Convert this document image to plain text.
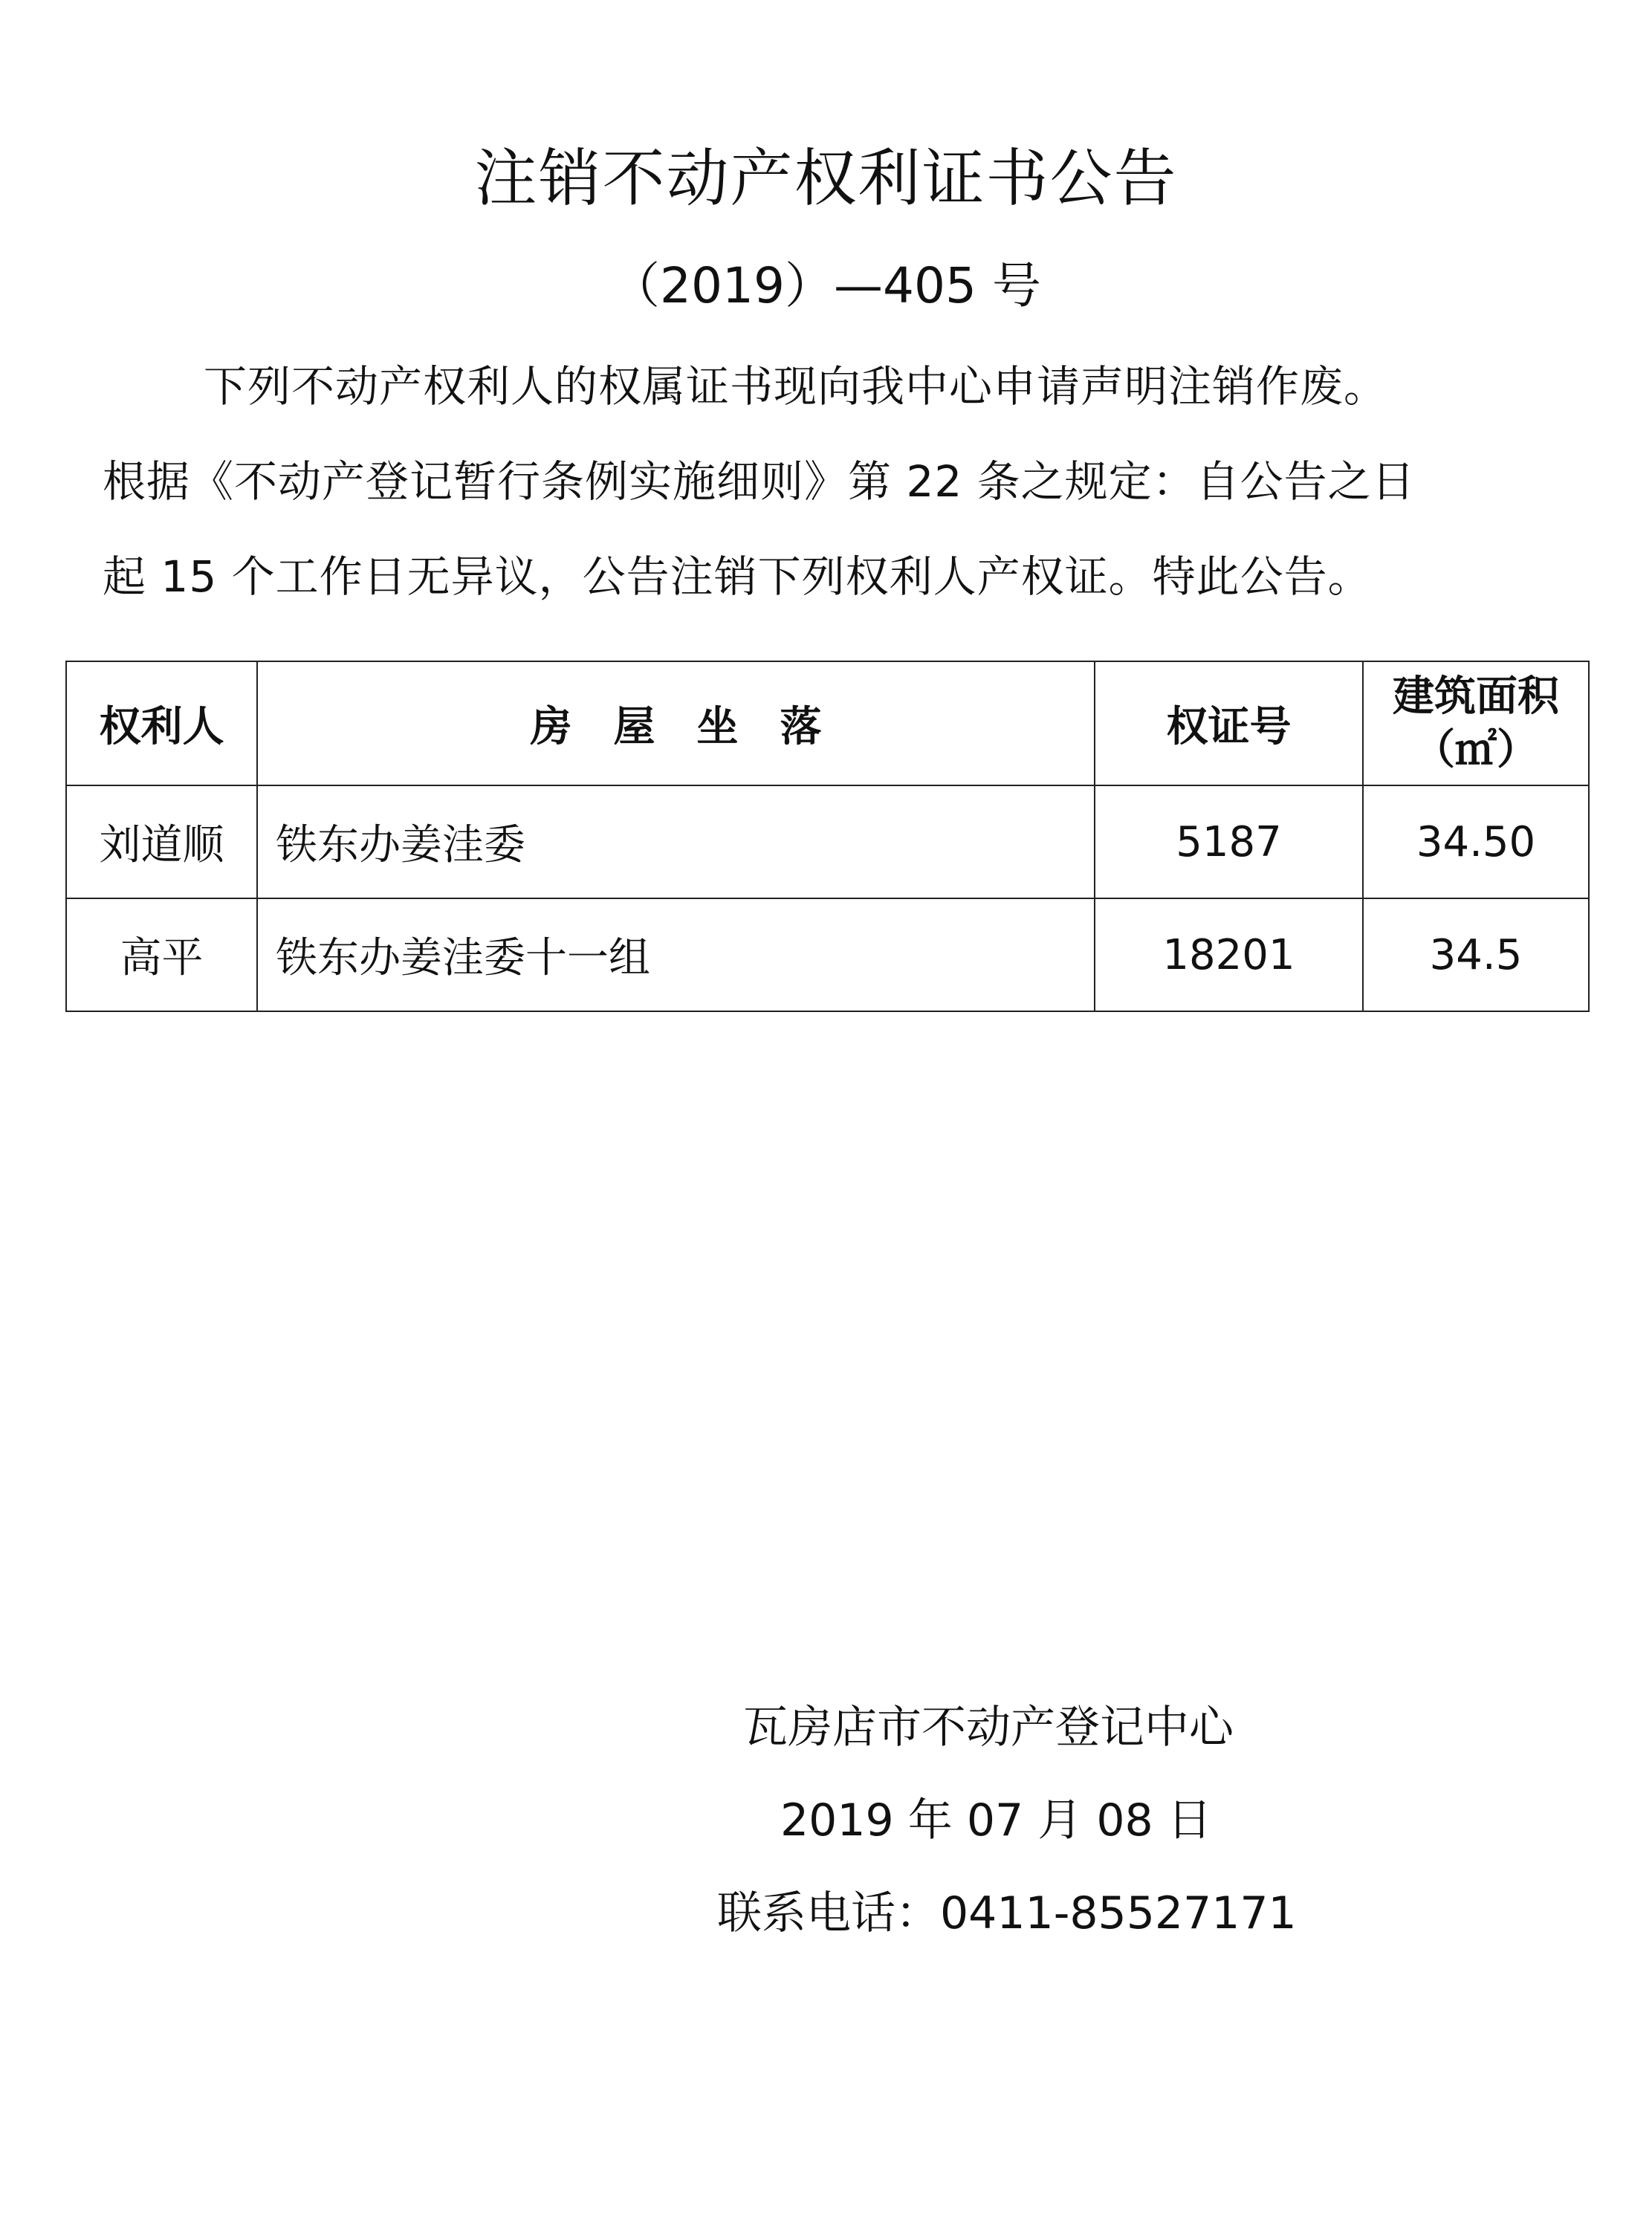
注销不动产权利证书公告
（2019）—405 号
下列不动产权利人的权属证书现向我中心申请声明注销作废。
根据《不动产登记暂行条例实施细则》第 22 条之规定：自公告之日
起 15 个工作日无异议，公告注销下列权利人产权证。特此公告。
权利人	房　屋　坐　落	权证号	建筑面积
（㎡）

刘道顺	铁东办姜洼委	5187	34.50
高平	铁东办姜洼委十一组	18201	34.5
瓦房店市不动产登记中心
2019 年 07 月 08 日
联系电话：0411-85527171
